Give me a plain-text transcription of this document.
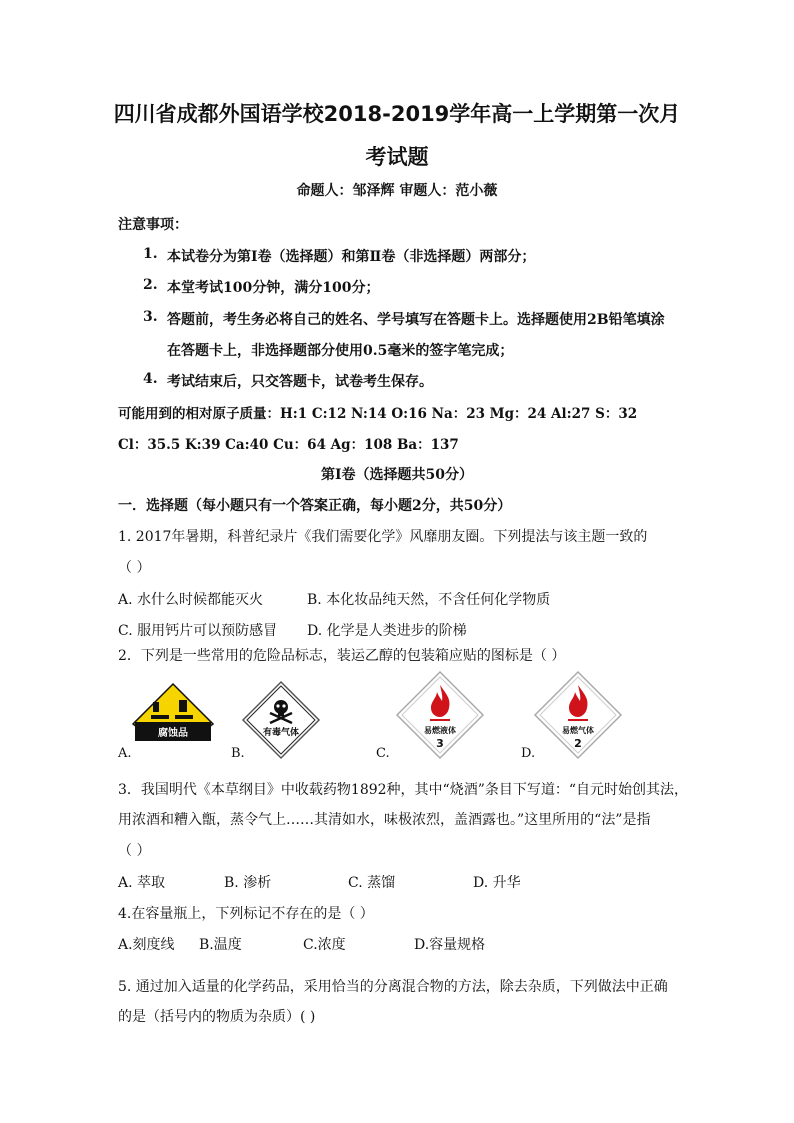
四川省成都外国语学校2018-2019学年高一上学期第一次月
考试题
命题人：邹泽辉 审题人：范小薇
注意事项：
1. 本试卷分为第Ⅰ卷（选择题）和第Ⅱ卷（非选择题）两部分；
2. 本堂考试100分钟，满分100分；
3. 答题前，考生务必将自己的姓名、学号填写在答题卡上。选择题使用2B铅笔填涂
在答题卡上，非选择题部分使用0.5毫米的签字笔完成；
4. 考试结束后，只交答题卡，试卷考生保存。
可能用到的相对原子质量：H:1 C:12 N:14 O:16 Na：23 Mg：24 Al:27 S：32
Cl：35.5 K:39 Ca:40 Cu：64 Ag：108 Ba：137
第Ⅰ卷（选择题共50分）
一．选择题（每小题只有一个答案正确，每小题2分，共50分）
1. 2017年暑期，科普纪录片《我们需要化学》风靡朋友圈。下列提法与该主题一致的
（ ）
A. 水什么时候都能灭火	B. 本化妆品纯天然，不含任何化学物质
C. 服用钙片可以预防感冒 D. 化学是人类进步的阶梯
2．下列是一些常用的危险品标志，装运乙醇的包装箱应贴的图标是（ ）
腐蚀品	有毒气体	易燃液体
3
易燃气体
2
A.	B.	C.	D.
3．我国明代《本草纲目》中收载药物1892种，其中“烧酒”条目下写道：“自元时始创其法，
用浓酒和糟入甑，蒸令气上……其清如水，味极浓烈，盖酒露也。”这里所用的“法”是指
（ ）
A. 萃取	B. 渗析	C. 蒸馏	D. 升华
4.在容量瓶上，下列标记不存在的是（ ）
A.刻度线 B.温度	C.浓度	D.容量规格
5. 通过加入适量的化学药品，采用恰当的分离混合物的方法，除去杂质，下列做法中正确
的是（括号内的物质为杂质）( )
